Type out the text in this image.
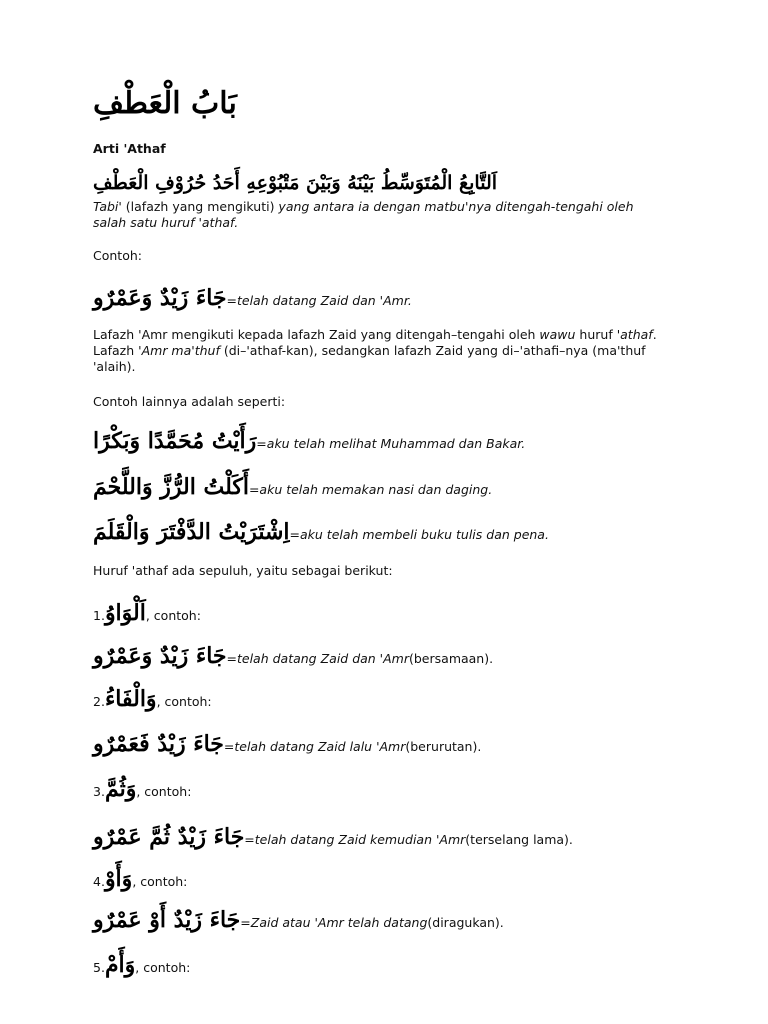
بَابُ الْعَطْفِ
Arti 'Athaf
اَلتَّابِعُ الْمُتَوَسِّطُ بَيْنَهُ وَبَيْنَ مَتْبُوْعِهِ أَحَدُ حُرُوْفِ الْعَطْفِ
Tabi' (lafazh yang mengikuti) yang antara ia dengan matbu'nya ditengah-tengahi oleh salah satu huruf 'athaf.
Contoh:
جَاءَ زَيْدٌ وَعَمْرٌو = telah datang Zaid dan 'Amr.
Lafazh 'Amr mengikuti kepada lafazh Zaid yang ditengah–tengahi oleh wawu huruf 'athaf. Lafazh 'Amr ma'thuf (di–'athaf-kan), sedangkan lafazh Zaid yang di–'athafi–nya (ma'thuf 'alaih).
Contoh lainnya adalah seperti:
رَأَيْتُ مُحَمَّدًا وَبَكْرًا = aku telah melihat Muhammad dan Bakar.
أَكَلْتُ الرُّزَّ وَاللَّحْمَ = aku telah memakan nasi dan daging.
اِشْتَرَيْتُ الدَّفْتَرَ وَالْقَلَمَ = aku telah membeli buku tulis dan pena.
Huruf 'athaf ada sepuluh, yaitu sebagai berikut:
1. اَلْوَاوُ , contoh:
جَاءَ زَيْدٌ وَعَمْرٌو = telah datang Zaid dan 'Amr (bersamaan).
2. وَالْفَاءُ , contoh:
جَاءَ زَيْدٌ فَعَمْرٌو = telah datang Zaid lalu 'Amr (berurutan).
3. وَثُمَّ , contoh:
جَاءَ زَيْدٌ ثُمَّ عَمْرٌو = telah datang Zaid kemudian 'Amr (terselang lama).
4. وَأَوْ , contoh:
جَاءَ زَيْدٌ أَوْ عَمْرٌو = Zaid atau 'Amr telah datang (diragukan).
5. وَأَمْ , contoh:
